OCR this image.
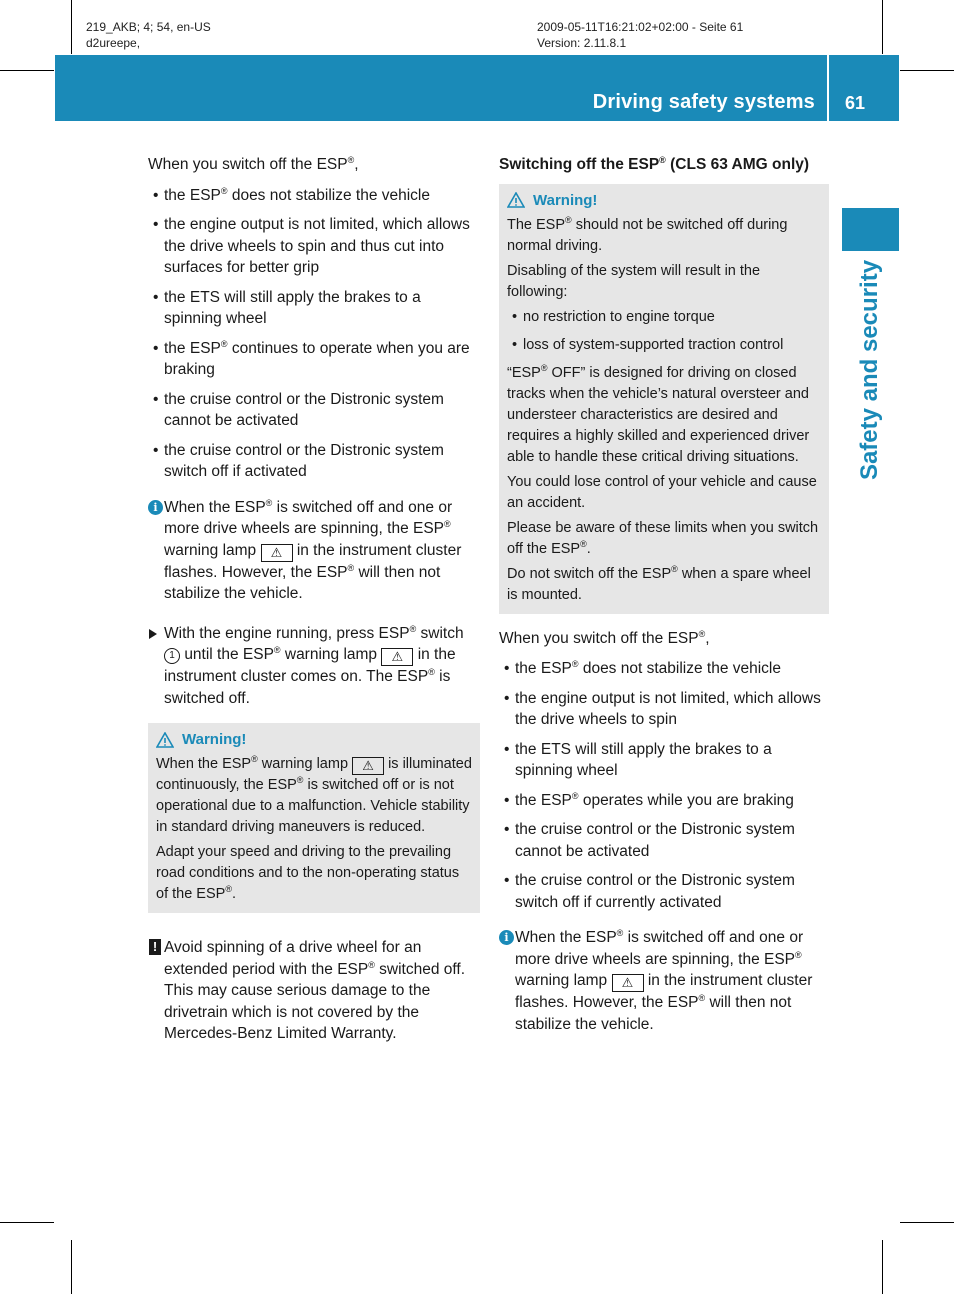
219_AKB; 4; 54, en-US
d2ureepe,
2009-05-11T16:21:02+02:00 - Seite 61
Version: 2.11.8.1
Driving safety systems 61
Safety and security

When you switch off the ESP®,

• the ESP® does not stabilize the vehicle
• the engine output is not limited, which allows the drive wheels to spin and thus cut into surfaces for better grip
• the ETS will still apply the brakes to a spinning wheel
• the ESP® continues to operate when you are braking
• the cruise control or the Distronic system cannot be activated
• the cruise control or the Distronic system switch off if activated
i When the ESP® is switched off and one or more drive wheels are spinning, the ESP® warning lamp ⚠ in the instrument cluster flashes. However, the ESP® will then not stabilize the vehicle.
With the engine running, press ESP® switch 1 until the ESP® warning lamp ⚠ in the instrument cluster comes on. The ESP® is switched off.
Warning!

When the ESP® warning lamp ⚠ is illuminated continuously, the ESP® is switched off or is not operational due to a malfunction. Vehicle stability in standard driving maneuvers is reduced.

Adapt your speed and driving to the prevailing road conditions and to the non-operating status of the ESP®.

! Avoid spinning of a drive wheel for an extended period with the ESP® switched off. This may cause serious damage to the drivetrain which is not covered by the Mercedes-Benz Limited Warranty.
Switching off the ESP® (CLS 63 AMG only)
Warning!

The ESP® should not be switched off during normal driving.

Disabling of the system will result in the following:

• no restriction to engine torque
• loss of system-supported traction control

“ESP® OFF” is designed for driving on closed tracks when the vehicle’s natural oversteer and understeer characteristics are desired and requires a highly skilled and experienced driver able to handle these critical driving situations.

You could lose control of your vehicle and cause an accident.

Please be aware of these limits when you switch off the ESP®.

Do not switch off the ESP® when a spare wheel is mounted.

When you switch off the ESP®,

• the ESP® does not stabilize the vehicle
• the engine output is not limited, which allows the drive wheels to spin
• the ETS will still apply the brakes to a spinning wheel
• the ESP® operates while you are braking
• the cruise control or the Distronic system cannot be activated
• the cruise control or the Distronic system switch off if currently activated
i When the ESP® is switched off and one or more drive wheels are spinning, the ESP® warning lamp ⚠ in the instrument cluster flashes. However, the ESP® will then not stabilize the vehicle.
